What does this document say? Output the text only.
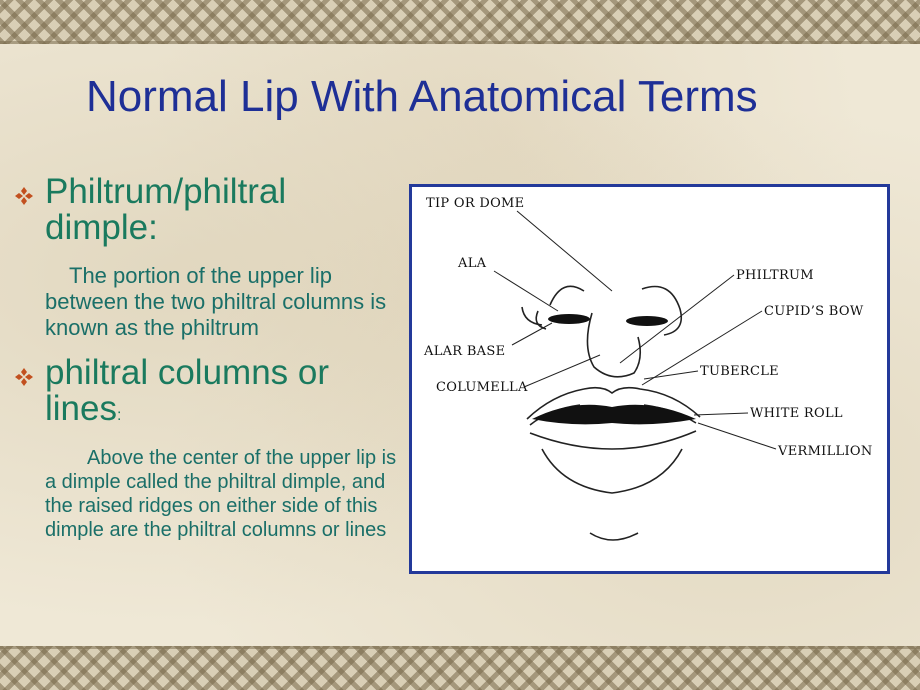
Normal Lip With Anatomical Terms
Philtrum/philtral dimple:
The portion of the upper lip between the two philtral columns is known as the philtrum
philtral columns or lines:
Above the center of the upper lip is a dimple called the philtral dimple, and the raised ridges on either side of this dimple are the philtral columns or lines
TIP OR DOME
ALA
ALAR BASE
COLUMELLA
PHILTRUM
CUPID’S BOW
TUBERCLE
WHITE ROLL
VERMILLION
